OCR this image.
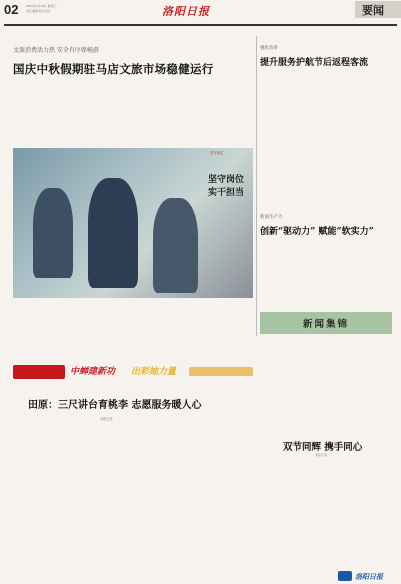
02	2024年9月18日 星期三
责任编辑 版式设计	洛阳日报	要闻
文旅消费活力热 安全有序保畅游
国庆中秋假期驻马店文旅市场稳健运行
坚守岗位
坚守岗位
实干担当
强化改革
提升服务护航节后返程客流
新质生产力
创新“驱动力” 赋能“软实力”
新闻集锦
中蝉建新功 出彩她力量
田原：三尺讲台育桃李 志愿服务暖人心
本报记者
双节同辉 携手同心
本报记者
洛阳日报
